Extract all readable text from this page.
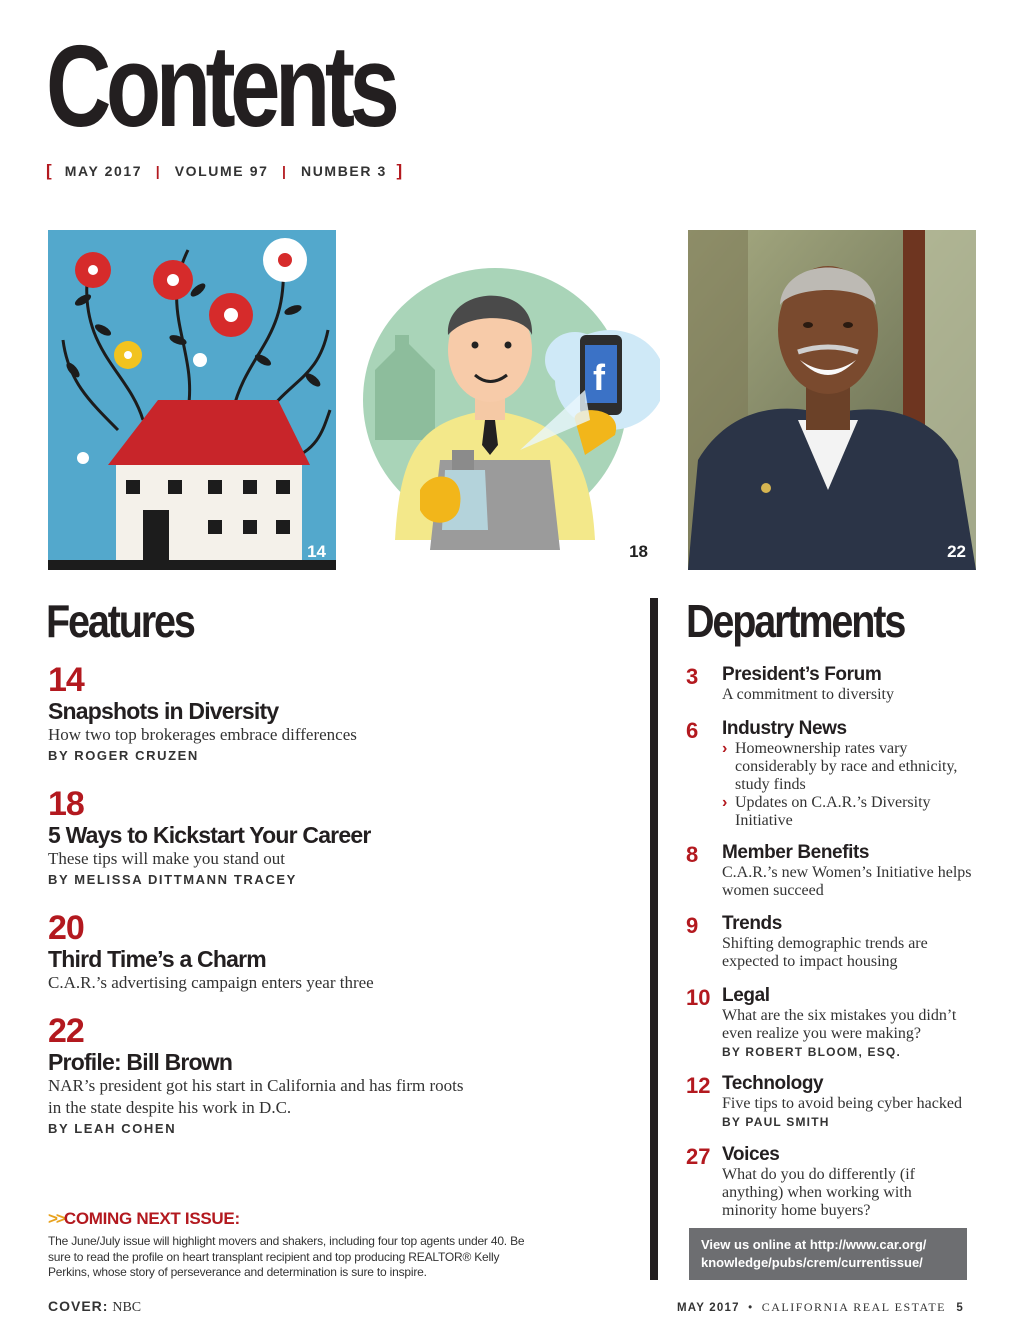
Contents
[ MAY 2017 | VOLUME 97 | NUMBER 3 ]
14
f
18	22
Features
14
Snapshots in Diversity
How two top brokerages embrace differences
BY ROGER CRUZEN
18
5 Ways to Kickstart Your Career
These tips will make you stand out
BY MELISSA DITTMANN TRACEY
20
Third Time’s a Charm
C.A.R.’s advertising campaign enters year three
22
Profile: Bill Brown
NAR’s president got his start in California and has firm roots in the state despite his work in D.C.
BY LEAH COHEN
>>COMING NEXT ISSUE:
The June/July issue will highlight movers and shakers, including four top agents under 40. Be sure to read the profile on heart transplant recipient and top producing REALTOR® Kelly Perkins, whose story of perseverance and determination is sure to inspire.
Departments
3 President’s Forum
A commitment to diversity
6 Industry News
› Homeownership rates vary considerably by race and ethnicity, study finds
› Updates on C.A.R.’s Diversity Initiative
8 Member Benefits
C.A.R.’s new Women’s Initiative helps women succeed
9 Trends
Shifting demographic trends are expected to impact housing
10 Legal
What are the six mistakes you didn’t even realize you were making?
BY ROBERT BLOOM, ESQ.
12 Technology
Five tips to avoid being cyber hacked
BY PAUL SMITH
27 Voices
What do you do differently (if anything) when working with minority home buyers?
View us online at http://www.car.org/ knowledge/pubs/crem/currentissue/
COVER: NBC	MAY 2017 • CALIFORNIA REAL ESTATE 5
